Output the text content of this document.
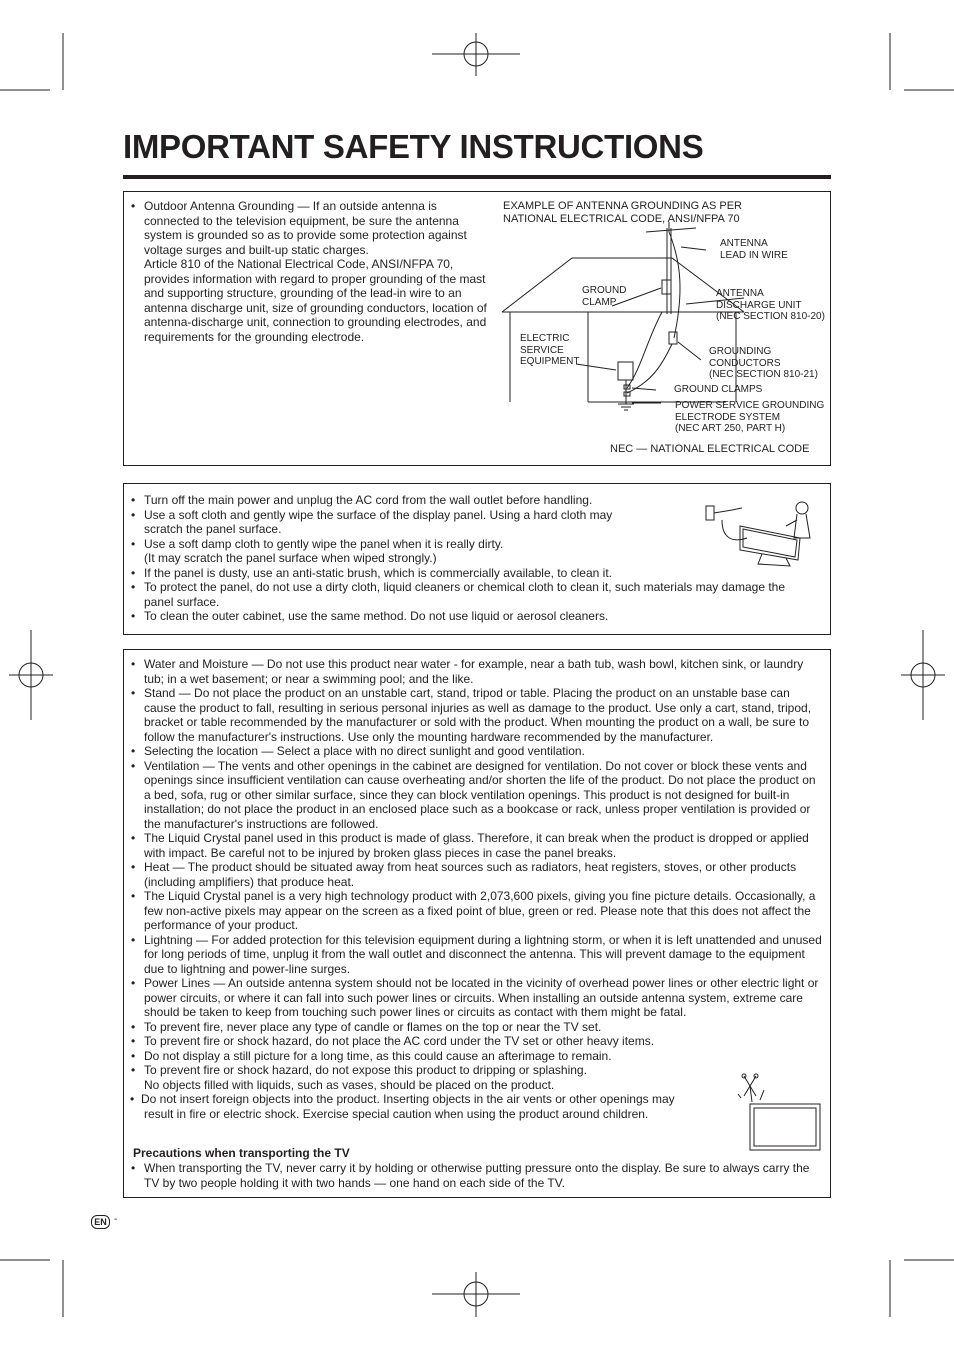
IMPORTANT SAFETY INSTRUCTIONS
• Outdoor Antenna Grounding — If an outside antenna is connected to the television equipment, be sure the antenna system is grounded so as to provide some protection against voltage surges and built-up static charges.
Article 810 of the National Electrical Code, ANSI/NFPA 70, provides information with regard to proper grounding of the mast and supporting structure, grounding of the lead-in wire to an antenna discharge unit, size of grounding conductors, location of antenna-discharge unit, connection to grounding electrodes, and requirements for the grounding electrode.
EXAMPLE OF ANTENNA GROUNDING AS PER
NATIONAL ELECTRICAL CODE, ANSI/NFPA 70
ANTENNA
LEAD IN WIRE
GROUND
CLAMP
ANTENNA
DISCHARGE UNIT
(NEC SECTION 810-20)
ELECTRIC
SERVICE
EQUIPMENT
GROUNDING
CONDUCTORS
(NEC SECTION 810-21)
GROUND CLAMPS
POWER SERVICE GROUNDING
ELECTRODE SYSTEM
(NEC ART 250, PART H)
NEC — NATIONAL ELECTRICAL CODE
• Turn off the main power and unplug the AC cord from the wall outlet before handling.
• Use a soft cloth and gently wipe the surface of the display panel. Using a hard cloth may
scratch the panel surface.
• Use a soft damp cloth to gently wipe the panel when it is really dirty.
(It may scratch the panel surface when wiped strongly.)
• If the panel is dusty, use an anti-static brush, which is commercially available, to clean it.
• To protect the panel, do not use a dirty cloth, liquid cleaners or chemical cloth to clean it, such materials may damage the panel surface.
• To clean the outer cabinet, use the same method. Do not use liquid or aerosol cleaners.
• Water and Moisture — Do not use this product near water - for example, near a bath tub, wash bowl, kitchen sink, or laundry tub; in a wet basement; or near a swimming pool; and the like.
• Stand — Do not place the product on an unstable cart, stand, tripod or table. Placing the product on an unstable base can cause the product to fall, resulting in serious personal injuries as well as damage to the product. Use only a cart, stand, tripod, bracket or table recommended by the manufacturer or sold with the product. When mounting the product on a wall, be sure to follow the manufacturer's instructions. Use only the mounting hardware recommended by the manufacturer.
• Selecting the location — Select a place with no direct sunlight and good ventilation.
• Ventilation — The vents and other openings in the cabinet are designed for ventilation. Do not cover or block these vents and openings since insufficient ventilation can cause overheating and/or shorten the life of the product. Do not place the product on a bed, sofa, rug or other similar surface, since they can block ventilation openings. This product is not designed for built-in installation; do not place the product in an enclosed place such as a bookcase or rack, unless proper ventilation is provided or the manufacturer's instructions are followed.
• The Liquid Crystal panel used in this product is made of glass. Therefore, it can break when the product is dropped or applied with impact. Be careful not to be injured by broken glass pieces in case the panel breaks.
• Heat — The product should be situated away from heat sources such as radiators, heat registers, stoves, or other products (including amplifiers) that produce heat.
• The Liquid Crystal panel is a very high technology product with 2,073,600 pixels, giving you fine picture details. Occasionally, a few non-active pixels may appear on the screen as a fixed point of blue, green or red. Please note that this does not affect the performance of your product.
• Lightning — For added protection for this television equipment during a lightning storm, or when it is left unattended and unused for long periods of time, unplug it from the wall outlet and disconnect the antenna. This will prevent damage to the equipment due to lightning and power-line surges.
• Power Lines — An outside antenna system should not be located in the vicinity of overhead power lines or other electric light or power circuits, or where it can fall into such power lines or circuits. When installing an outside antenna system, extreme care should be taken to keep from touching such power lines or circuits as contact with them might be fatal.
• To prevent fire, never place any type of candle or flames on the top or near the TV set.
• To prevent fire or shock hazard, do not place the AC cord under the TV set or other heavy items.
• Do not display a still picture for a long time, as this could cause an afterimage to remain.
• To prevent fire or shock hazard, do not expose this product to dripping or splashing.
No objects filled with liquids, such as vases, should be placed on the product.
• Do not insert foreign objects into the product. Inserting objects in the air vents or other openings may
result in fire or electric shock. Exercise special caution when using the product around children.
Precautions when transporting the TV
• When transporting the TV, never carry it by holding or otherwise putting pressure onto the display. Be sure to always carry the TV by two people holding it with two hands — one hand on each side of the TV.
EN -
